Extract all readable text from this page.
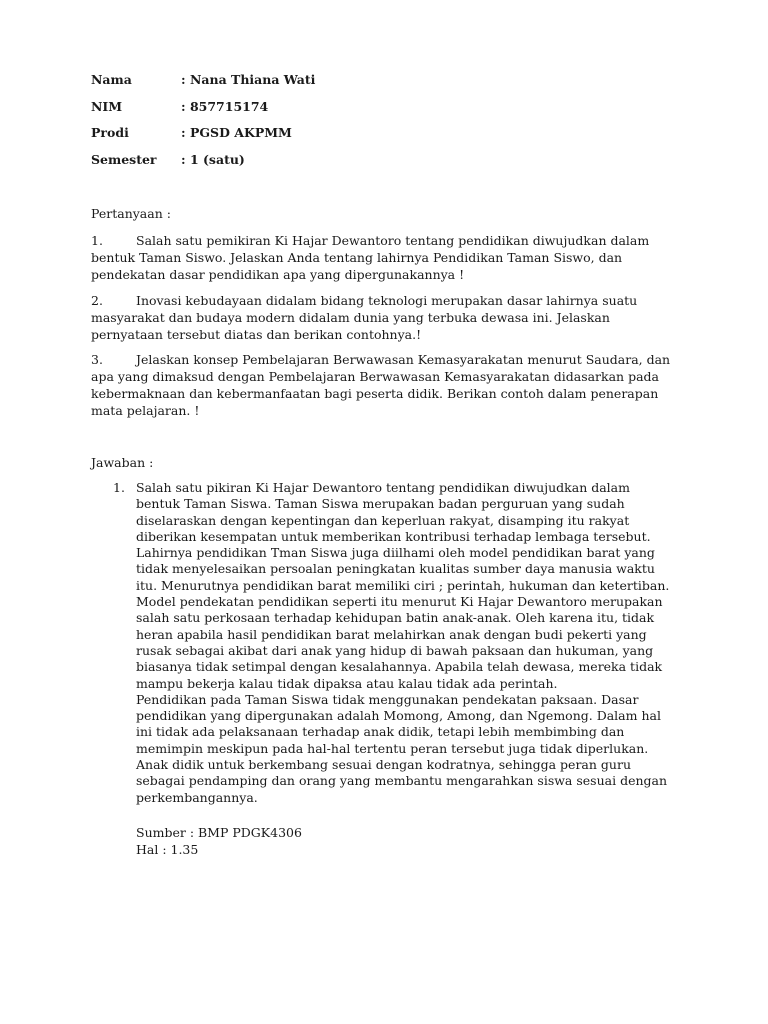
Nama	: Nana Thiana Wati
NIM	: 857715174
Prodi	: PGSD AKPMM
Semester : 1 (satu)
Pertanyaan :
1.	Salah satu pemikiran Ki Hajar Dewantoro tentang pendidikan diwujudkan dalam
bentuk Taman Siswo. Jelaskan Anda tentang lahirnya Pendidikan Taman Siswo, dan
pendekatan dasar pendidikan apa yang dipergunakannya !
2.	Inovasi kebudayaan didalam bidang teknologi merupakan dasar lahirnya suatu
masyarakat dan budaya modern didalam dunia yang terbuka dewasa ini. Jelaskan
pernyataan tersebut diatas dan berikan contohnya.!
3.	Jelaskan konsep Pembelajaran Berwawasan Kemasyarakatan menurut Saudara, dan
apa yang dimaksud dengan Pembelajaran Berwawasan Kemasyarakatan didasarkan pada
kebermaknaan dan kebermanfaatan bagi peserta didik. Berikan contoh dalam penerapan
mata pelajaran. !
Jawaban :
1. Salah satu pikiran Ki Hajar Dewantoro tentang pendidikan diwujudkan dalam
bentuk Taman Siswa. Taman Siswa merupakan badan perguruan yang sudah
diselaraskan dengan kepentingan dan keperluan rakyat, disamping itu rakyat
diberikan kesempatan untuk memberikan kontribusi terhadap lembaga tersebut.
Lahirnya pendidikan Tman Siswa juga diilhami oleh model pendidikan barat yang
tidak menyelesaikan persoalan peningkatan kualitas sumber daya manusia waktu
itu. Menurutnya pendidikan barat memiliki ciri ; perintah, hukuman dan ketertiban.
Model pendekatan pendidikan seperti itu menurut Ki Hajar Dewantoro merupakan
salah satu perkosaan terhadap kehidupan batin anak-anak. Oleh karena itu, tidak
heran apabila hasil pendidikan barat melahirkan anak dengan budi pekerti yang
rusak sebagai akibat dari anak yang hidup di bawah paksaan dan hukuman, yang
biasanya tidak setimpal dengan kesalahannya. Apabila telah dewasa, mereka tidak
mampu bekerja kalau tidak dipaksa atau kalau tidak ada perintah.
Pendidikan pada Taman Siswa tidak menggunakan pendekatan paksaan. Dasar
pendidikan yang dipergunakan adalah Momong, Among, dan Ngemong. Dalam hal
ini tidak ada pelaksanaan terhadap anak didik, tetapi lebih membimbing dan
memimpin meskipun pada hal-hal tertentu peran tersebut juga tidak diperlukan.
Anak didik untuk berkembang sesuai dengan kodratnya, sehingga peran guru
sebagai pendamping dan orang yang membantu mengarahkan siswa sesuai dengan
perkembangannya.
Sumber : BMP PDGK4306
Hal : 1.35
